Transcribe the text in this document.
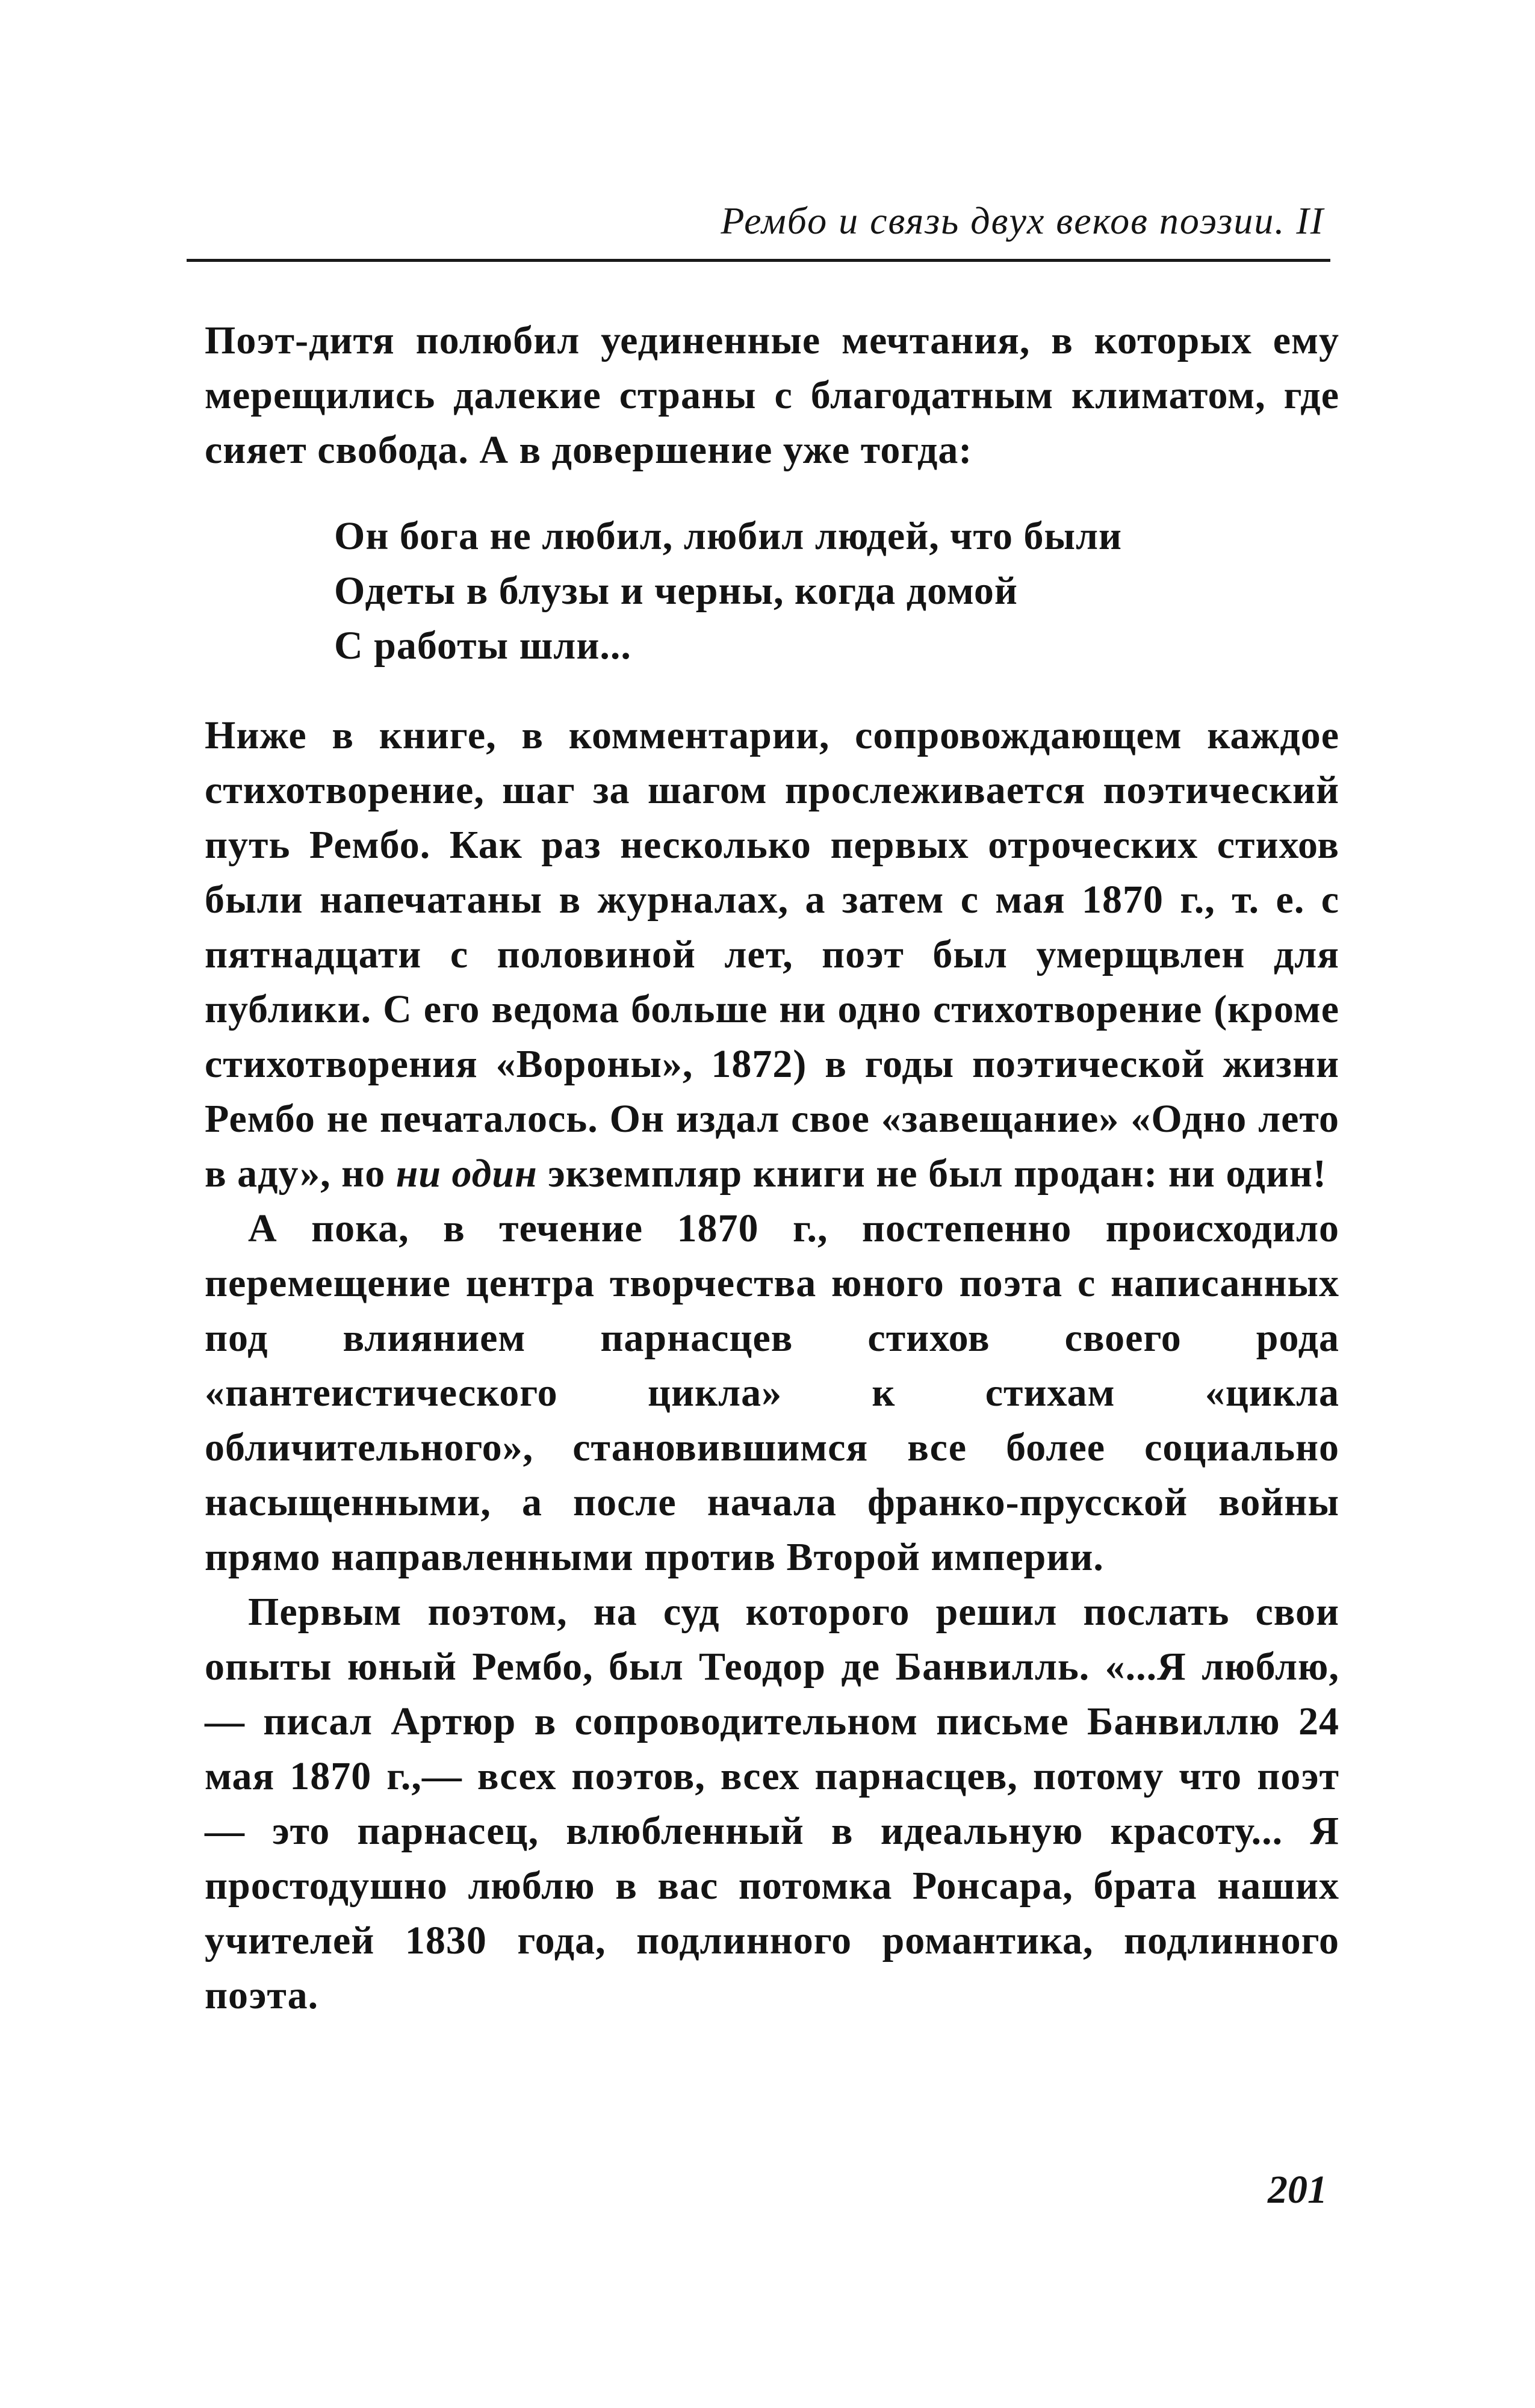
Рембо и связь двух веков поэзии. II

Поэт-дитя полюбил уединенные мечтания, в которых ему мерещились далекие страны с благодатным климатом, где сияет свобода. А в довершение уже тогда:

Он бога не любил, любил людей, что были
Одеты в блузы и черны, когда домой
С работы шли...

Ниже в книге, в комментарии, сопровождающем каждое стихотворение, шаг за шагом прослеживается поэтический путь Рембо. Как раз несколько первых отроческих стихов были напечатаны в журналах, а затем с мая 1870 г., т. е. с пятнадцати с половиной лет, поэт был умерщвлен для публики. С его ведома больше ни одно стихотворение (кроме стихотворения «Вороны», 1872) в годы поэтической жизни Рембо не печаталось. Он издал свое «завещание» «Одно лето в аду», но ни один экземпляр книги не был продан: ни один!

А пока, в течение 1870 г., постепенно происходило перемещение центра творчества юного поэта с написанных под влиянием парнасцев стихов своего рода «пантеистического цикла» к стихам «цикла обличительного», становившимся все более социально насыщенными, а после начала франко-прусской войны прямо направленными против Второй империи.

Первым поэтом, на суд которого решил послать свои опыты юный Рембо, был Теодор де Банвилль. «...Я люблю,— писал Артюр в сопроводительном письме Банвиллю 24 мая 1870 г.,— всех поэтов, всех парнасцев, потому что поэт — это парнасец, влюбленный в идеальную красоту... Я простодушно люблю в вас потомка Ронсара, брата наших учителей 1830 года, подлинного романтика, подлинного поэта.

201
